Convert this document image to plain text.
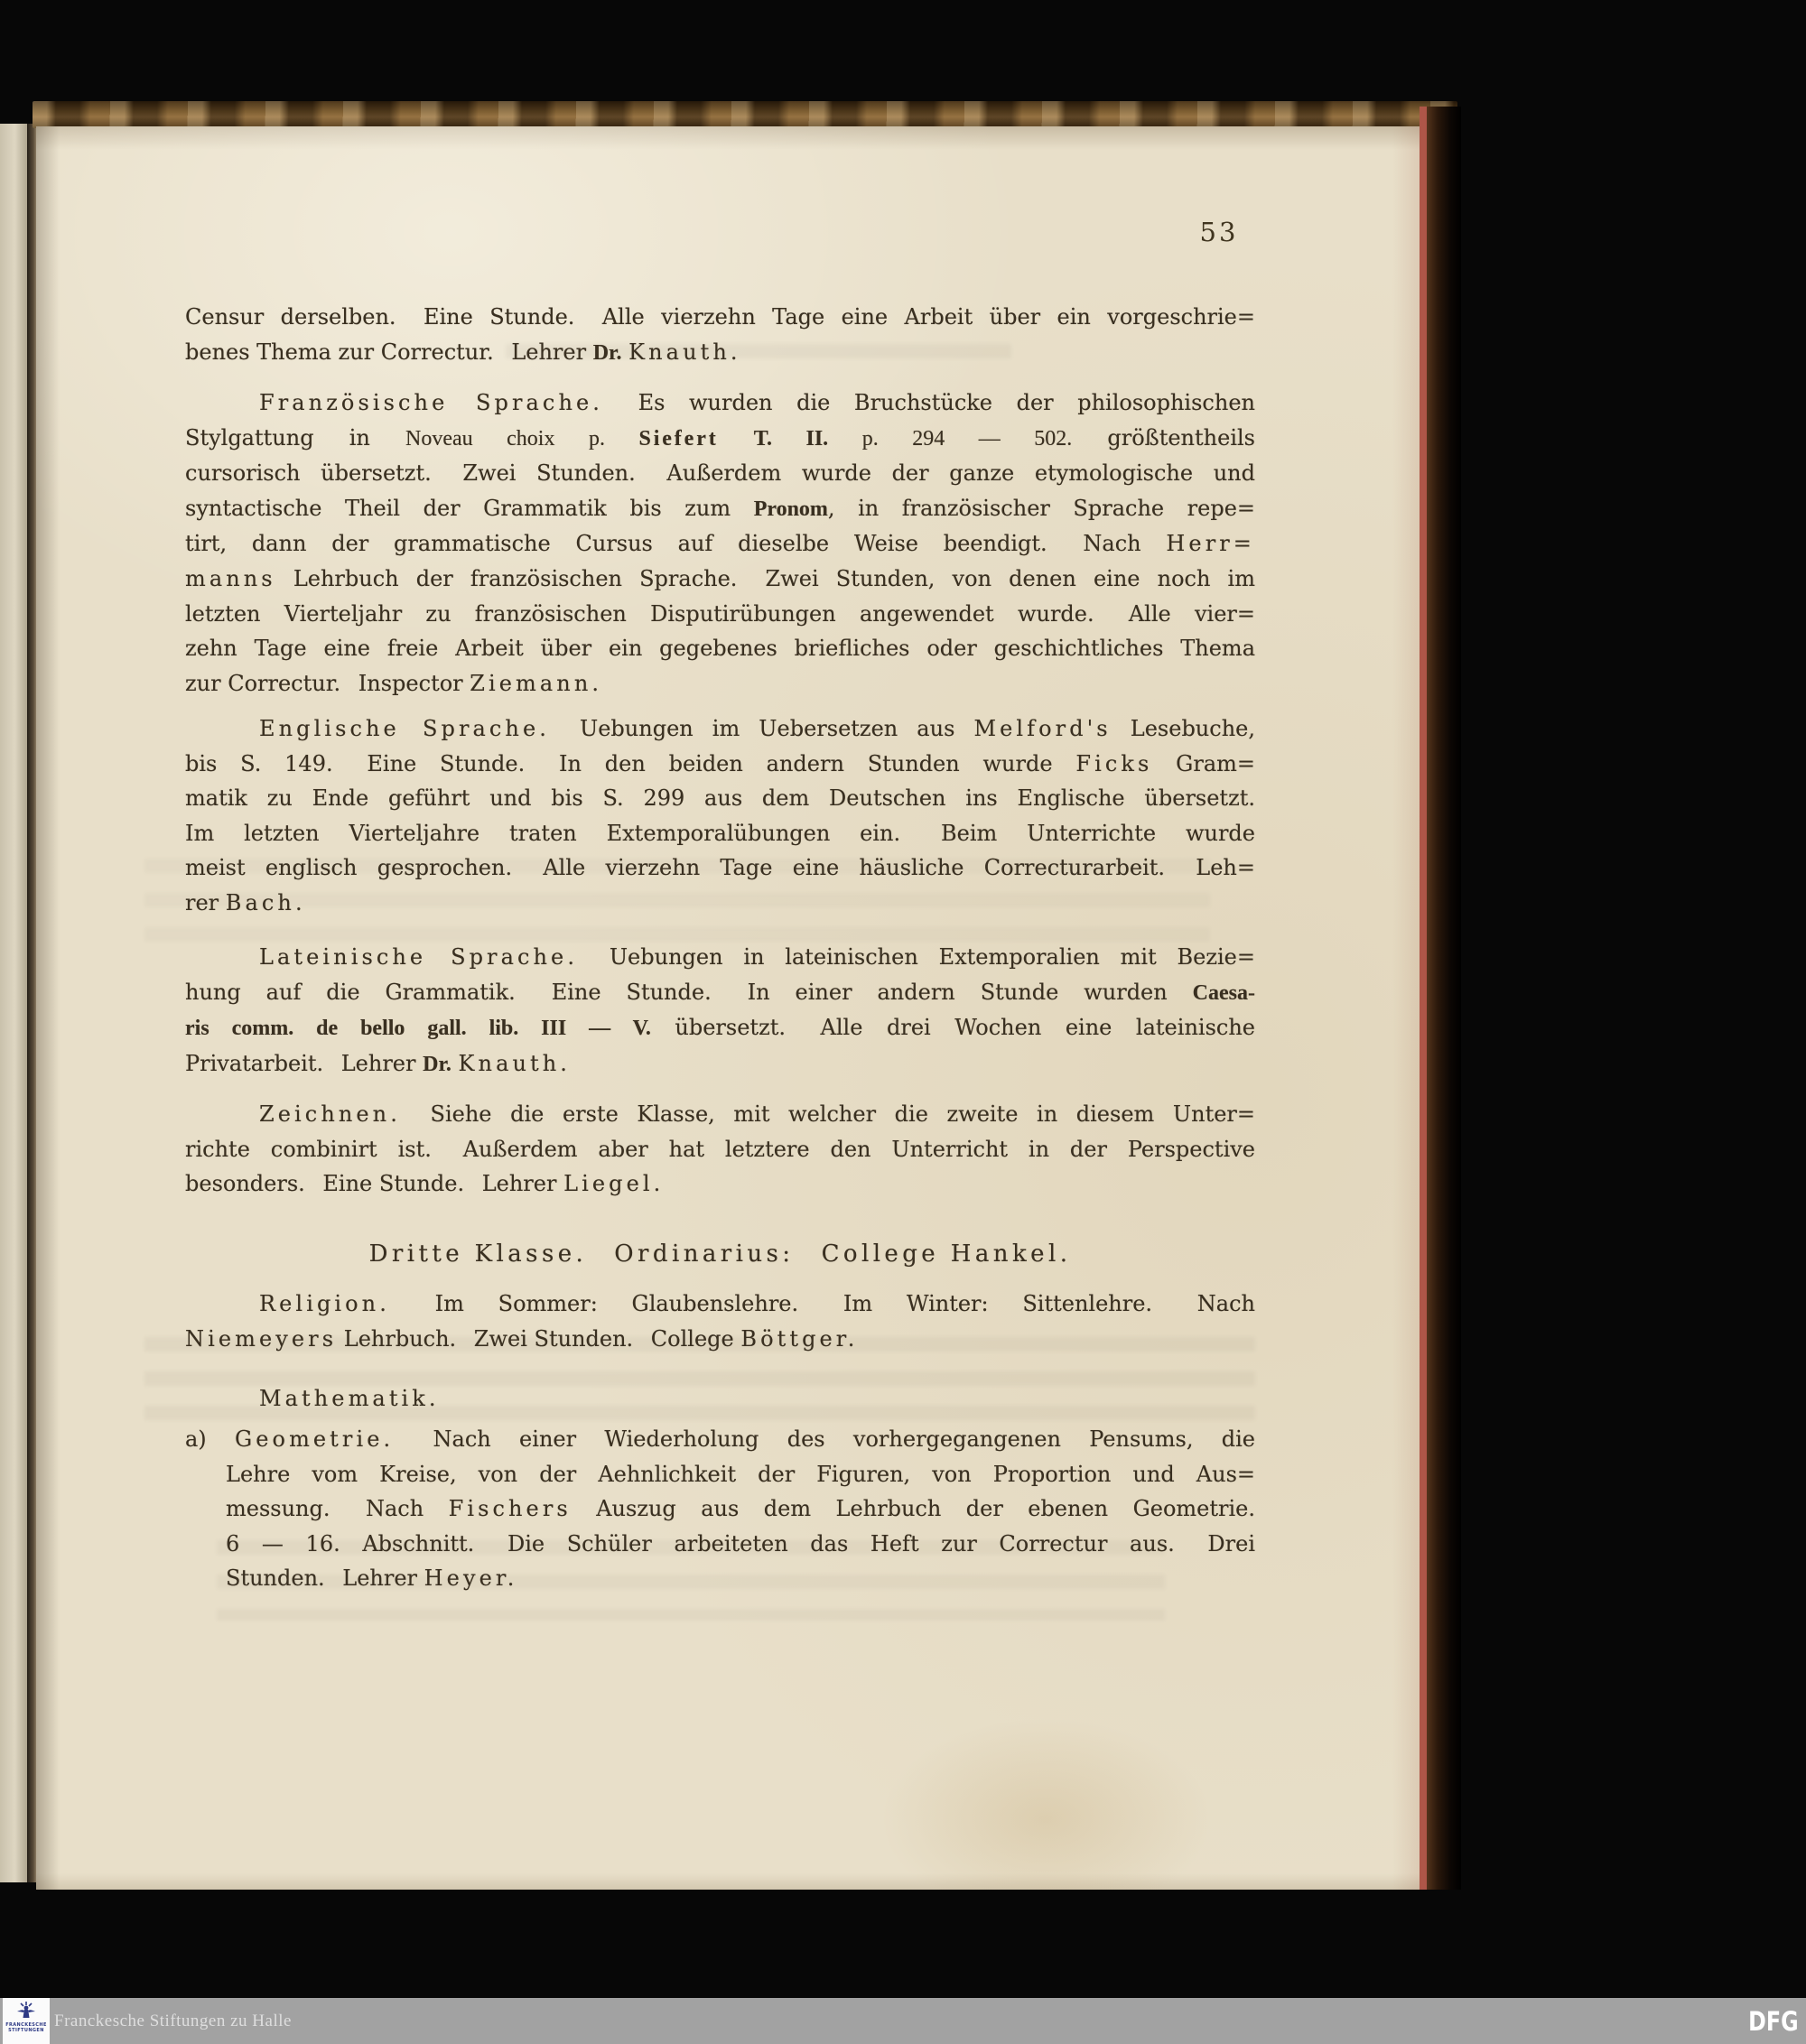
53
Censur derselben.  Eine Stunde.  Alle vierzehn Tage eine Arbeit über ein vorgeschrie=
benes Thema zur Correctur.  Lehrer Dr. Knauth.
Französische Sprache.  Es wurden die Bruchstücke der philosophischen
Stylgattung in Noveau choix p. Siefert T. II. p. 294 — 502. größtentheils
cursorisch übersetzt.  Zwei Stunden.  Außerdem wurde der ganze etymologische und
syntactische Theil der Grammatik bis zum Pronom, in französischer Sprache repe=
tirt, dann der grammatische Cursus auf dieselbe Weise beendigt.  Nach Herr=
manns Lehrbuch der französischen Sprache.  Zwei Stunden, von denen eine noch im
letzten Vierteljahr zu französischen Disputirübungen angewendet wurde.  Alle vier=
zehn Tage eine freie Arbeit über ein gegebenes briefliches oder geschichtliches Thema
zur Correctur.  Inspector Ziemann.
Englische Sprache.  Uebungen im Uebersetzen aus Melford's Lesebuche,
bis S. 149.  Eine Stunde.  In den beiden andern Stunden wurde Ficks Gram=
matik zu Ende geführt und bis S. 299 aus dem Deutschen ins Englische übersetzt.
Im letzten Vierteljahre traten Extemporalübungen ein.  Beim Unterrichte wurde
meist englisch gesprochen.  Alle vierzehn Tage eine häusliche Correcturarbeit.  Leh=
rer Bach.
Lateinische Sprache.  Uebungen in lateinischen Extemporalien mit Bezie=
hung auf die Grammatik.  Eine Stunde.  In einer andern Stunde wurden Caesa-
ris comm. de bello gall. lib. III — V. übersetzt.  Alle drei Wochen eine lateinische
Privatarbeit.  Lehrer Dr. Knauth.
Zeichnen.  Siehe die erste Klasse, mit welcher die zweite in diesem Unter=
richte combinirt ist.  Außerdem aber hat letztere den Unterricht in der Perspective
besonders.  Eine Stunde.  Lehrer Liegel.
Dritte Klasse.  Ordinarius:  College Hankel.
Religion.  Im Sommer: Glaubenslehre.  Im Winter: Sittenlehre.  Nach
Niemeyers Lehrbuch.  Zwei Stunden.  College Böttger.
Mathematik.
a) Geometrie.  Nach einer Wiederholung des vorhergegangenen Pensums, die
Lehre vom Kreise, von der Aehnlichkeit der Figuren, von Proportion und Aus=
messung.  Nach Fischers Auszug aus dem Lehrbuch der ebenen Geometrie.
6 — 16. Abschnitt.  Die Schüler arbeiteten das Heft zur Correctur aus.  Drei
Stunden.  Lehrer Heyer.
FRANCKESCHE
STIFTUNGEN Franckesche Stiftungen zu Halle	DFG
